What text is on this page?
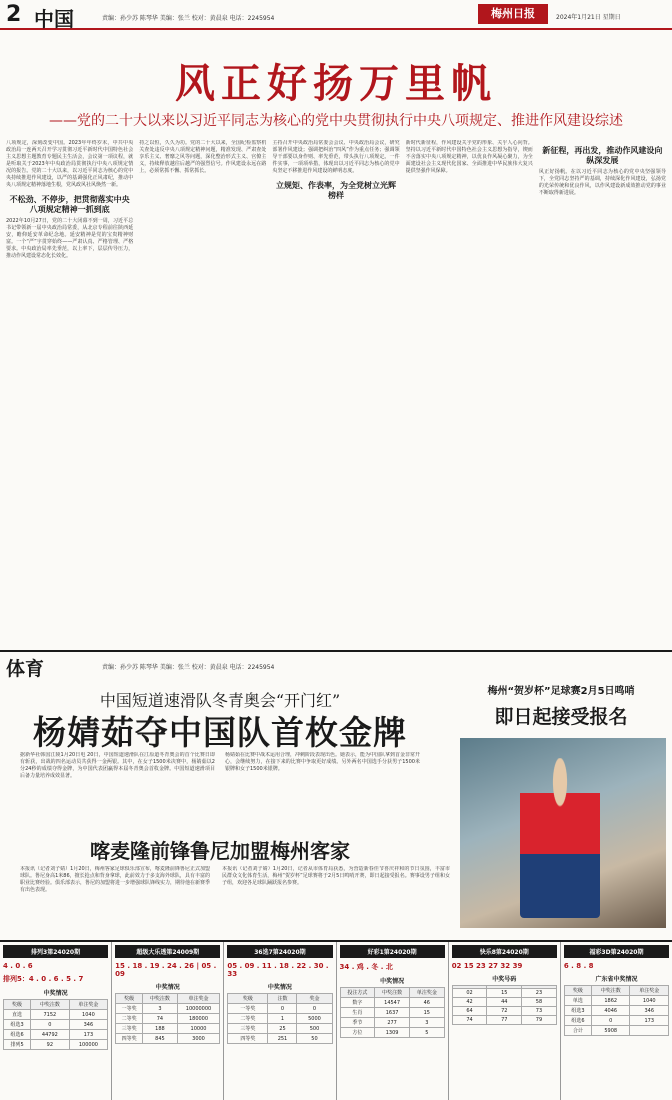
2 中国	责编：孙少苏 陈琴华 美编：张兰 校对：黄晨泉 电话：2245954	梅州日报	2024年1月21日 星期日
风正好扬万里帆
——党的二十大以来以习近平同志为核心的党中央贯彻执行中央八项规定、推进作风建设综述
八项规定，深刻改变中国。2023年年终岁末，中共中央政治局一连两天召开学习贯彻习近平新时代中国特色社会主义思想主题教育专题民主生活会，会议第一项议程，就是听取关于2023年中央政治局贯彻执行中央八项规定情况的报告。党的二十大以来，以习近平同志为核心的党中央持续推进作风建设，以严的基调强化正风肃纪，推动中央八项规定精神落地生根，党风政风社风焕然一新。
不松劲、不停步，把贯彻落实中央八项规定精神一抓到底
2022年10月27日，党的二十大闭幕不到一周，习近平总书记带领新一届中央政治局常委，从北京专程前往陕西延安，瞻仰延安革命纪念地。延安精神是党的宝贵精神财富。一个“严”字贯穿始终——严肃认真、严格管理、严格要求。中央政治局率先垂范，以上率下，层层传导压力，推动作风建设常态化长效化。
持之以恒，久久为功。党的二十大以来，全国纪检监察机关查处违反中央八项规定精神问题，精准发现、严肃查处享乐主义、奢靡之风等问题，深化整治形式主义、官僚主义，持续释放越往后越严的强烈信号。作风建设永远在路上，必须常抓不懈、抓常抓长。
主持召开中央政治局常委会会议、中央政治局会议，研究部署作风建设；强调把纠治“四风”作为重点任务；强调领导干部要以身作则、率先垂范，带头执行八项规定。一件件实事，一项项举措，体现出以习近平同志为核心的党中央坚定不移推进作风建设的鲜明态度。
立规矩、作表率，为全党树立光辉榜样
新时代新征程，作风建设关乎党的形象、关乎人心向背。坚持以习近平新时代中国特色社会主义思想为指导，锲而不舍落实中央八项规定精神，以优良作风凝心聚力，为全面建设社会主义现代化国家、全面推进中华民族伟大复兴提供坚强作风保障。
新征程，再出发，推动作风建设向纵深发展
风正好扬帆。在以习近平同志为核心的党中央坚强领导下，全党同志坚持严的基调，持续深化作风建设，弘扬党的光荣传统和优良作风，以作风建设新成效推动党的事业不断取得新进展。
体育	责编：孙少苏 陈琴华 美编：张兰 校对：黄晨泉 电话：2245954
中国短道速滑队冬青奥会“开门红”
杨婧茹夺中国队首枚金牌
据新华社韩国江陵1月20日电 20日，中国短道速滑队在江原道冬青奥会的首个比赛日即有斩获，出战的四名运动员共获得一金两银。其中，在女子1500米决赛中，杨婧茹以2分24秒的成绩夺得金牌，为中国代表团赢得本届冬青奥会首枚金牌。中国短道速滑项目后备力量培养成效显著。
杨婧茹在比赛中战术运用合理，冲刺阶段表现出色。她表示，能为中国队拿到首金非常开心，会继续努力，在接下来的比赛中争取更好成绩。另外两名中国选手分获男子1500米银牌和女子1500米银牌。
梅州“贺岁杯”足球赛2月5日鸣哨
即日起接受报名
喀麦隆前锋鲁尼加盟梅州客家
本报讯（记者刘子婧）1月20日，梅州客家足球俱乐部宣布，喀麦隆前锋鲁尼正式加盟球队。鲁尼身高1米86，擅长抢点和背身拿球，此前效力于多支海外球队，具有丰富的职业比赛经验。俱乐部表示，鲁尼的加盟将进一步增强球队锋线实力，期待他在新赛季有出色表现。
本报讯（记者刘子婧）1月20日，记者从市体育局获悉，为营造新春佳节喜庆祥和的节日氛围，丰富市民群众文化体育生活，梅州“贺岁杯”足球赛将于2月5日鸣哨开赛，即日起接受报名。赛事设男子组和女子组，欢迎各足球队踊跃报名参赛。
排列3第24020期
4 . 0 . 6
排列5：4 . 0 . 6 . 5 . 7
中奖情况
奖级	中奖注数	单注奖金
直选	7152	1040
组选3	0	346
组选6	44792	173
排列5	92	100000
超级大乐透第24009期
15 . 18 . 19 . 24 . 26 | 05 . 09
中奖情况
奖级	中奖注数	单注奖金
一等奖	3	10000000
二等奖	74	180000
三等奖	188	10000
四等奖	845	3000
36选7第24020期
05 . 09 . 11 . 18 . 22 . 30 . 33
中奖情况
奖级	注数	奖金
一等奖	0	0
二等奖	1	5000
三等奖	25	500
四等奖	251	50
好彩1第24020期
34 . 鸡 . 冬 . 北
中奖情况
投注方式	中奖注数	单注奖金
数字	14547	46
生肖	1637	15
季节	277	3
方位	1309	5
快乐8第24020期
02 15 23 27 32 39
中奖号码

02	15	23
42	44	58
64	72	73
74	77	79
福彩3D第24020期
6 . 8 . 8
广东省中奖情况
奖级	中奖注数	单注奖金
单选	1862	1040
组选3	4046	346
组选6	0	173
合计	5908	
